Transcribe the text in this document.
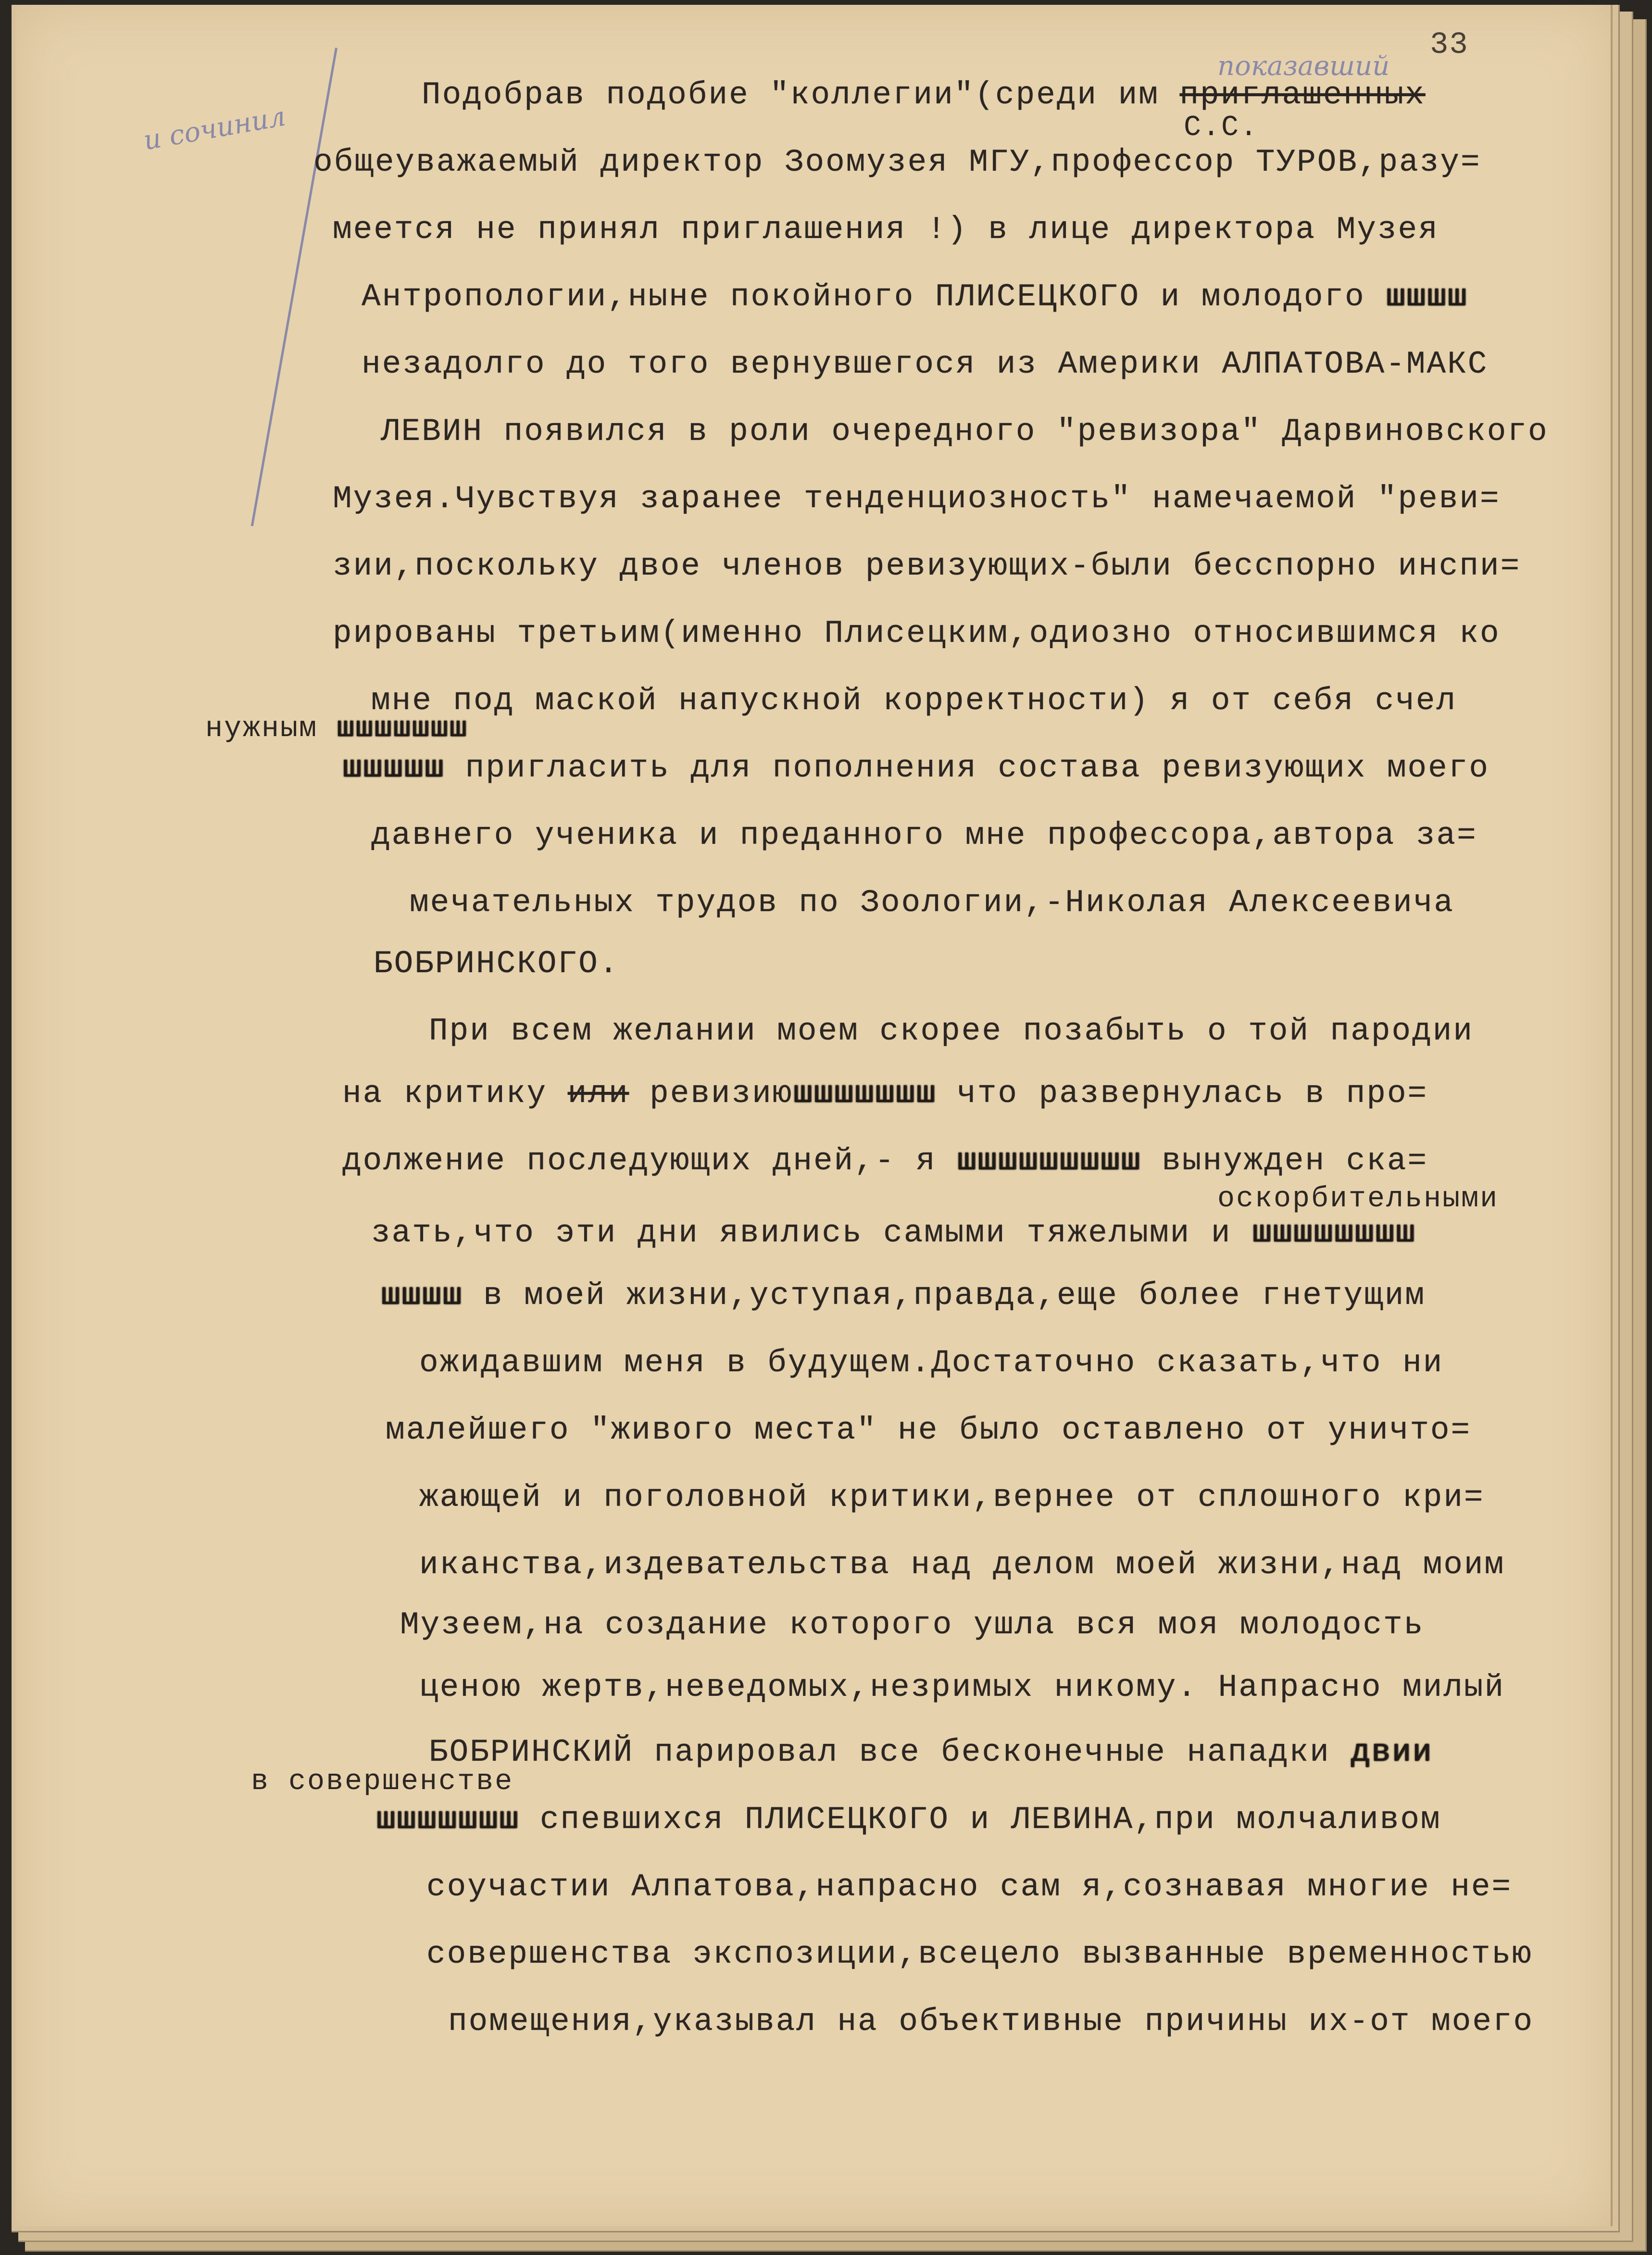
33
показавший
и сочинил	С.С.
Подобрав подобие "коллегии"(среди им приглашенных
общеуважаемый директор Зоомузея МГУ,профессор ТУРОВ,разу=
меется не принял приглашения !) в лице директора Музея
Антропологии,ныне покойного ПЛИСЕЦКОГО и молодого шшшш
незадолго до того вернувшегося из Америки АЛПАТОВА-МАКС
ЛЕВИН появился в роли очередного "ревизора" Дарвиновского
Музея.Чувствуя заранее тенденциозность" намечаемой "реви=
зии,поскольку двое членов ревизующих-были бесспорно инспи=
рированы третьим(именно Плисецким,одиозно относившимся ко
мне под маской напускной корректности) я от себя счел
нужным шшшшшшш
шшшшш пригласить для пополнения состава ревизующих моего
давнего ученика и преданного мне профессора,автора за=
мечательных трудов по Зоологии,-Николая Алексеевича
БОБРИНСКОГО.
При всем желании моем скорее позабыть о той пародии
на критику или ревизиюшшшшшшш что развернулась в про=
должение последующих дней,- я шшшшшшшшш вынужден ска=
оскорбительными
зать,что эти дни явились самыми тяжелыми и шшшшшшшш
шшшш в моей жизни,уступая,правда,еще более гнетущим
ожидавшим меня в будущем.Достаточно сказать,что ни
малейшего "живого места" не было оставлено от уничто=
жающей и поголовной критики,вернее от сплошного кри=
иканства,издевательства над делом моей жизни,над моим
Музеем,на создание которого ушла вся моя молодость
ценою жертв,неведомых,незримых никому. Напрасно милый
БОБРИНСКИЙ парировал все бесконечные нападки двии
в совершенстве
шшшшшшш спевшихся ПЛИСЕЦКОГО и ЛЕВИНА,при молчаливом
соучастии Алпатова,напрасно сам я,сознавая многие не=
совершенства экспозиции,всецело вызванные временностью
помещения,указывал на объективные причины их-от моего
